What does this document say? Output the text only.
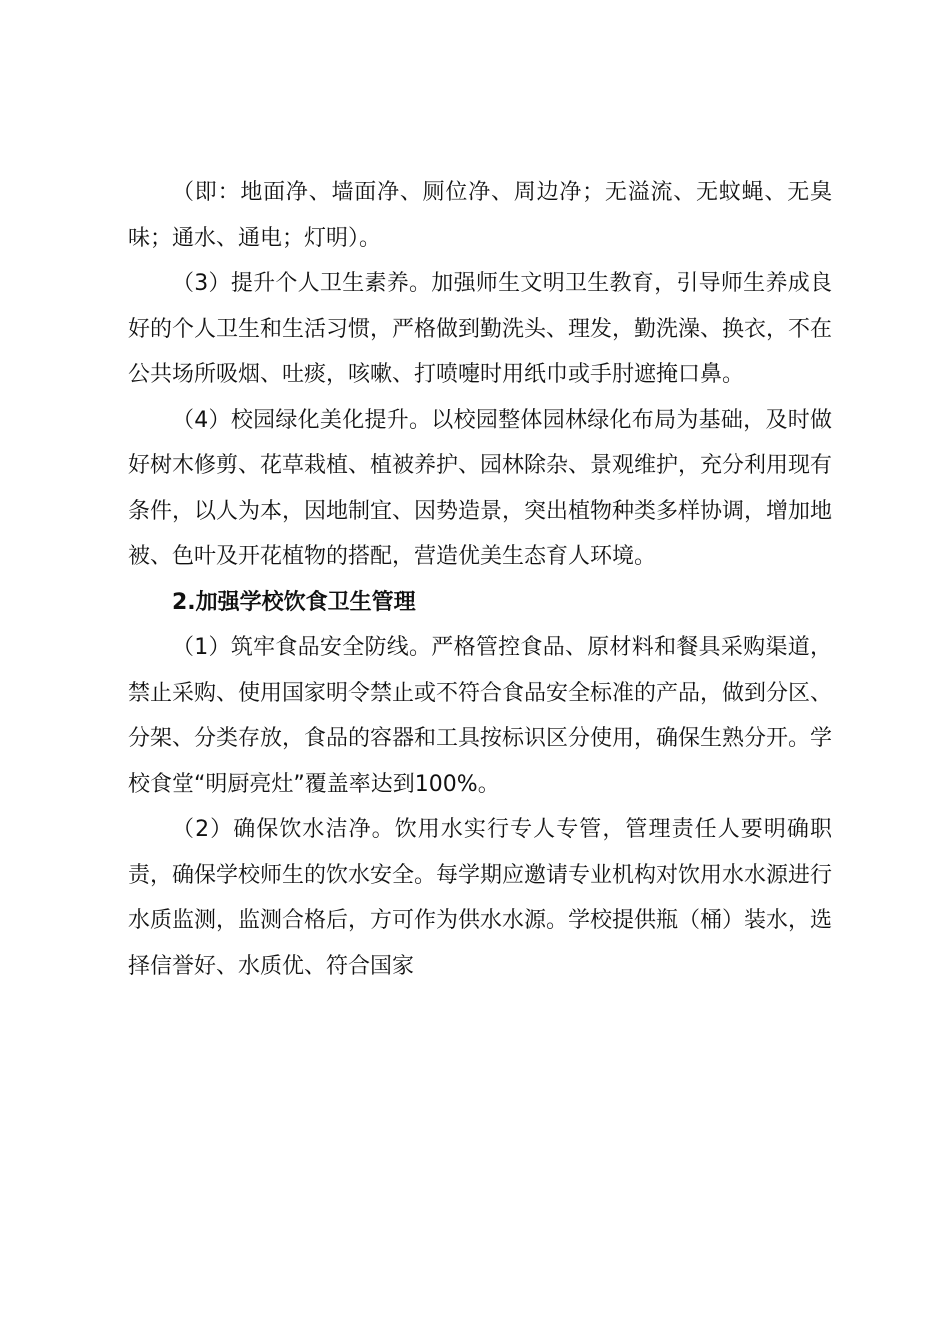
（即：地面净、墙面净、厕位净、周边净；无溢流、无蚊蝇、无臭味；通水、通电；灯明）。

（3）提升个人卫生素养。加强师生文明卫生教育，引导师生养成良好的个人卫生和生活习惯，严格做到勤洗头、理发，勤洗澡、换衣，不在公共场所吸烟、吐痰，咳嗽、打喷嚏时用纸巾或手肘遮掩口鼻。

（4）校园绿化美化提升。以校园整体园林绿化布局为基础，及时做好树木修剪、花草栽植、植被养护、园林除杂、景观维护，充分利用现有条件，以人为本，因地制宜、因势造景，突出植物种类多样协调，增加地被、色叶及开花植物的搭配，营造优美生态育人环境。

2.加强学校饮食卫生管理

（1）筑牢食品安全防线。严格管控食品、原材料和餐具采购渠道，禁止采购、使用国家明令禁止或不符合食品安全标准的产品，做到分区、分架、分类存放，食品的容器和工具按标识区分使用，确保生熟分开。学校食堂“明厨亮灶”覆盖率达到100%。

（2）确保饮水洁净。饮用水实行专人专管，管理责任人要明确职责，确保学校师生的饮水安全。每学期应邀请专业机构对饮用水水源进行水质监测，监测合格后，方可作为供水水源。学校提供瓶（桶）装水，选择信誉好、水质优、符合国家
